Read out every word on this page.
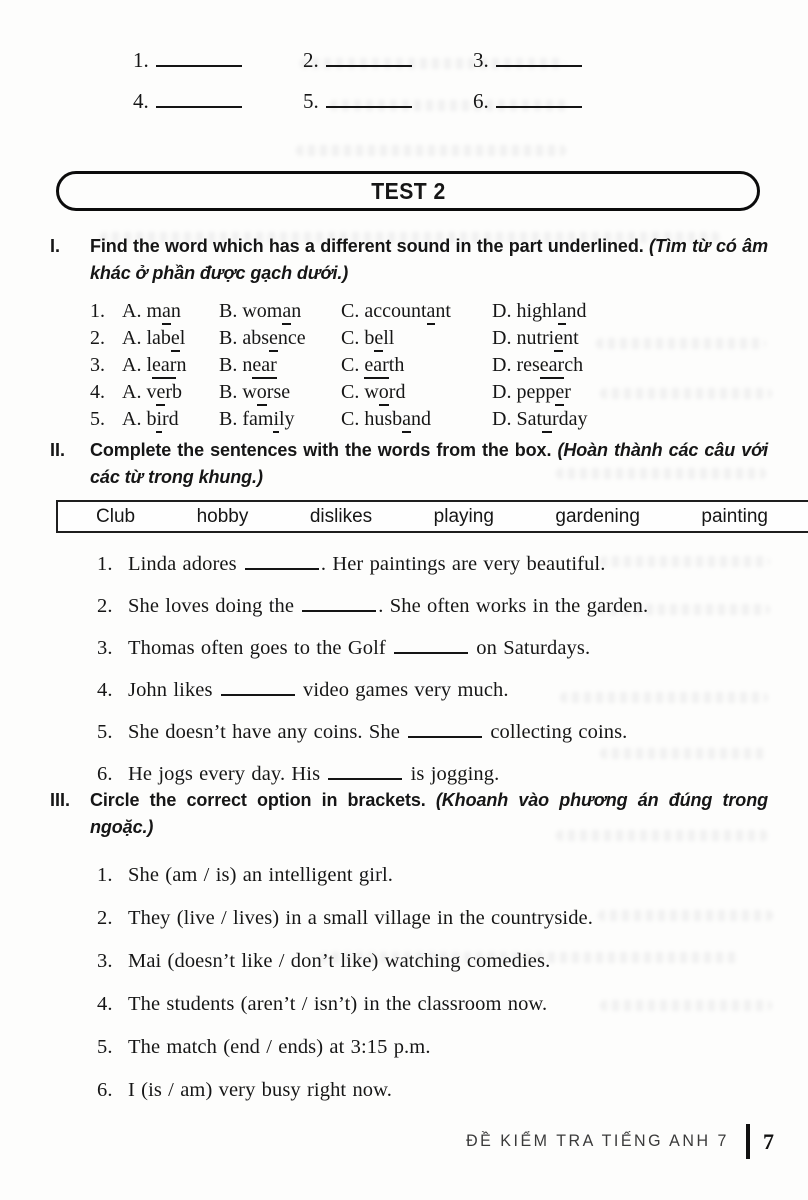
1.	2.	3.
4.	5.	6.
TEST 2
I.	Find the word which has a different sound in the part underlined. (Tìm từ có âm khác ở phần được gạch dưới.)

1. A. man	B. woman	C. accountant	D. highland
2. A. label	B. absence	C. bell	D. nutrient
3. A. learn	B. near	C. earth	D. research
4. A. verb	B. worse	C. word	D. pepper
5. A. bird	B. family	C. husband	D. Saturday
II.	Complete the sentences with the words from the box. (Hoàn thành các câu với các từ trong khung.)

Club	hobby	dislikes	playing	gardening	painting
1. Linda adores	. Her paintings are very beautiful.
2. She loves doing the	. She often works in the garden.
3. Thomas often goes to the Golf	on Saturdays.
4. John likes	video games very much.
5. She doesn’t have any coins. She	collecting coins.
6. He jogs every day. His	is jogging.
III.	Circle the correct option in brackets. (Khoanh vào phương án đúng trong ngoặc.)

1. She (am / is) an intelligent girl.
2. They (live / lives) in a small village in the countryside.
3. Mai (doesn’t like / don’t like) watching comedies.
4. The students (aren’t / isn’t) in the classroom now.
5. The match (end / ends) at 3:15 p.m.
6. I (is / am) very busy right now.
ĐỀ KIỂM TRA TIẾNG ANH 7 7
